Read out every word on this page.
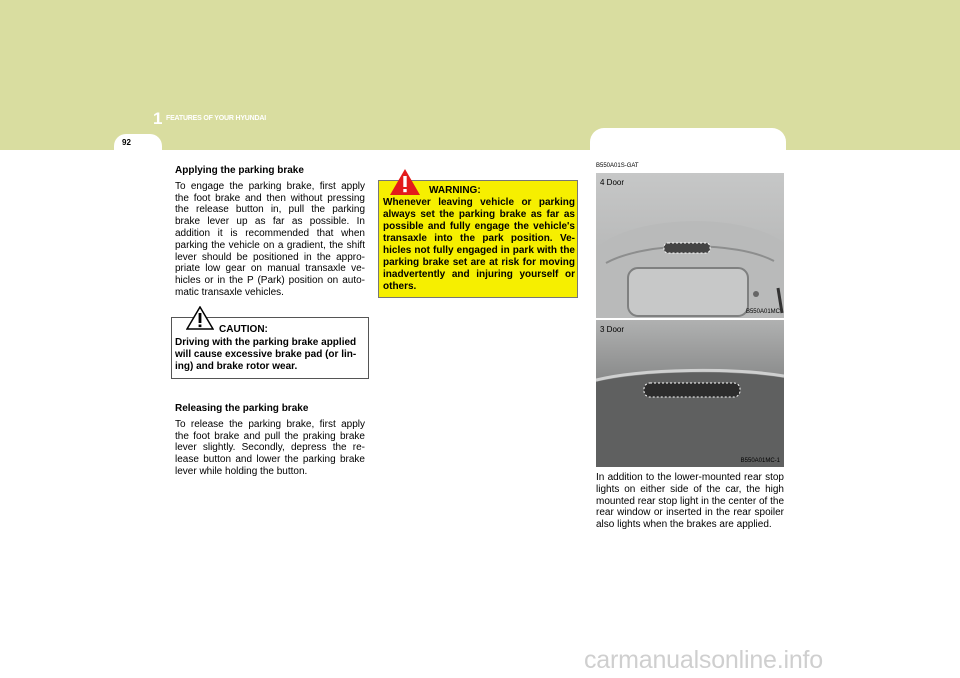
1 FEATURES OF YOUR HYUNDAI
92	HIGH-MOUNTED	REAR
STOP LIGHT

Applying the parking brake

To engage the parking brake, first apply the foot brake and then without pressing the release button in, pull the parking brake lever up as far as possible. In addition it is recommended that when parking the vehicle on a gradient, the shift lever should be positioned in the appro- priate low gear on manual transaxle ve- hicles or in the P (Park) position on auto- matic transaxle vehicles.

CAUTION:
Driving with the parking brake applied will cause excessive brake pad (or lin- ing) and brake rotor wear.

Releasing the parking brake

To release the parking brake, first apply the foot brake and pull the praking brake lever slightly. Secondly, depress the re- lease button and lower the parking brake lever while holding the button.

WARNING:
Whenever leaving vehicle or parking always set the parking brake as far as possible and fully engage the vehicle's transaxle into the park position. Ve- hicles not fully engaged in park with the parking brake set are at risk for moving inadvertently and injuring yourself or others.
B550A01S-GAT
4 Door
B550A01MC
3 Door
B550A01MC-1

In addition to the lower-mounted rear stop lights on either side of the car, the high mounted rear stop light in the center of the rear window or inserted in the rear spoiler also lights when the brakes are applied.

carmanualsonline.info
